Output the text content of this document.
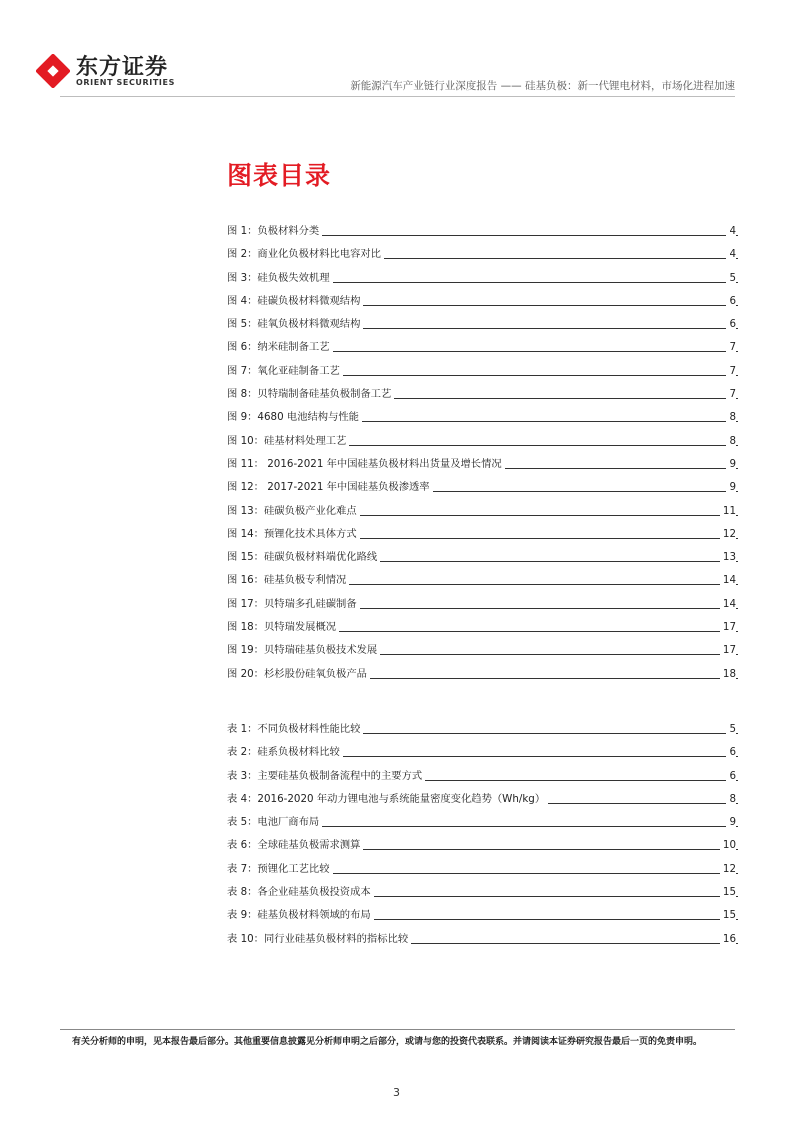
东方证券
ORIENT SECURITIES	新能源汽车产业链行业深度报告 —— 硅基负极：新一代锂电材料，市场化进程加速
图表目录
图 1：负极材料分类	4
图 2：商业化负极材料比电容对比	4
图 3：硅负极失效机理	5
图 4：硅碳负极材料微观结构	6
图 5：硅氧负极材料微观结构	6
图 6：纳米硅制备工艺	7
图 7：氧化亚硅制备工艺	7
图 8：贝特瑞制备硅基负极制备工艺	7
图 9：4680 电池结构与性能	8
图 10：硅基材料处理工艺	8
图 11： 2016-2021 年中国硅基负极材料出货量及增长情况	9
图 12： 2017-2021 年中国硅基负极渗透率	9
图 13：硅碳负极产业化难点	11
图 14：预锂化技术具体方式	12
图 15：硅碳负极材料端优化路线	13
图 16：硅基负极专利情况	14
图 17：贝特瑞多孔硅碳制备	14
图 18：贝特瑞发展概况	17
图 19：贝特瑞硅基负极技术发展	17
图 20：杉杉股份硅氧负极产品	18
表 1：不同负极材料性能比较	5
表 2：硅系负极材料比较	6
表 3：主要硅基负极制备流程中的主要方式	6
表 4：2016-2020 年动力锂电池与系统能量密度变化趋势（Wh/kg）	8
表 5：电池厂商布局	9
表 6：全球硅基负极需求测算	10
表 7：预锂化工艺比较	12
表 8：各企业硅基负极投资成本	15
表 9：硅基负极材料领域的布局	15
表 10：同行业硅基负极材料的指标比较	16
有关分析师的申明，见本报告最后部分。其他重要信息披露见分析师申明之后部分，或请与您的投资代表联系。并请阅读本证券研究报告最后一页的免责申明。
3
